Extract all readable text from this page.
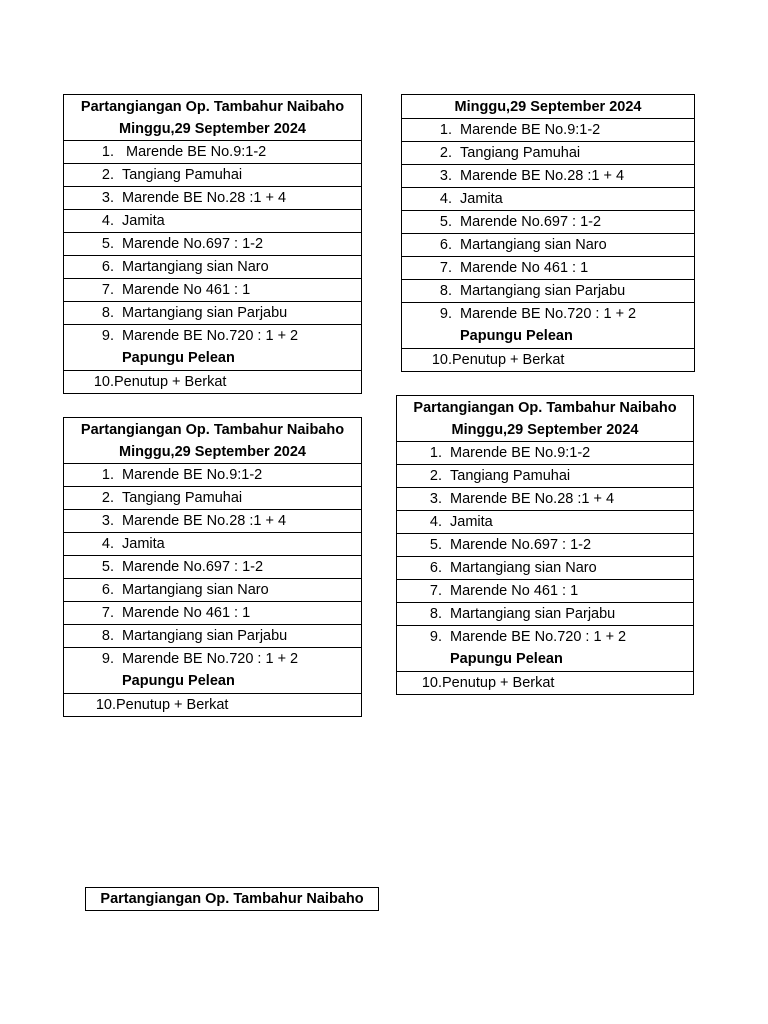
Partangiangan Op. Tambahur Naibaho
Minggu,29 September 2024
1. Marende BE No.9:1-2
2. Tangiang Pamuhai
3. Marende BE No.28 :1 + 4
4. Jamita
5. Marende No.697 : 1-2
6. Martangiang sian Naro
7. Marende No 461 : 1
8. Martangiang sian Parjabu
9. Marende BE No.720 : 1 + 2
Papungu Pelean
10. Penutup + Berkat
Minggu,29 September 2024
1. Marende BE No.9:1-2
2. Tangiang Pamuhai
3. Marende BE No.28 :1 + 4
4. Jamita
5. Marende No.697 : 1-2
6. Martangiang sian Naro
7. Marende No 461 : 1
8. Martangiang sian Parjabu
9. Marende BE No.720 : 1 + 2
Papungu Pelean
10. Penutup + Berkat
Partangiangan Op. Tambahur Naibaho
Minggu,29 September 2024
1. Marende BE No.9:1-2
2. Tangiang Pamuhai
3. Marende BE No.28 :1 + 4
4. Jamita
5. Marende No.697 : 1-2
6. Martangiang sian Naro
7. Marende No 461 : 1
8. Martangiang sian Parjabu
9. Marende BE No.720 : 1 + 2
Papungu Pelean
10. Penutup + Berkat
Partangiangan Op. Tambahur Naibaho
Minggu,29 September 2024
1. Marende BE No.9:1-2
2. Tangiang Pamuhai
3. Marende BE No.28 :1 + 4
4. Jamita
5. Marende No.697 : 1-2
6. Martangiang sian Naro
7. Marende No 461 : 1
8. Martangiang sian Parjabu
9. Marende BE No.720 : 1 + 2
Papungu Pelean
10. Penutup + Berkat
Partangiangan Op. Tambahur Naibaho
